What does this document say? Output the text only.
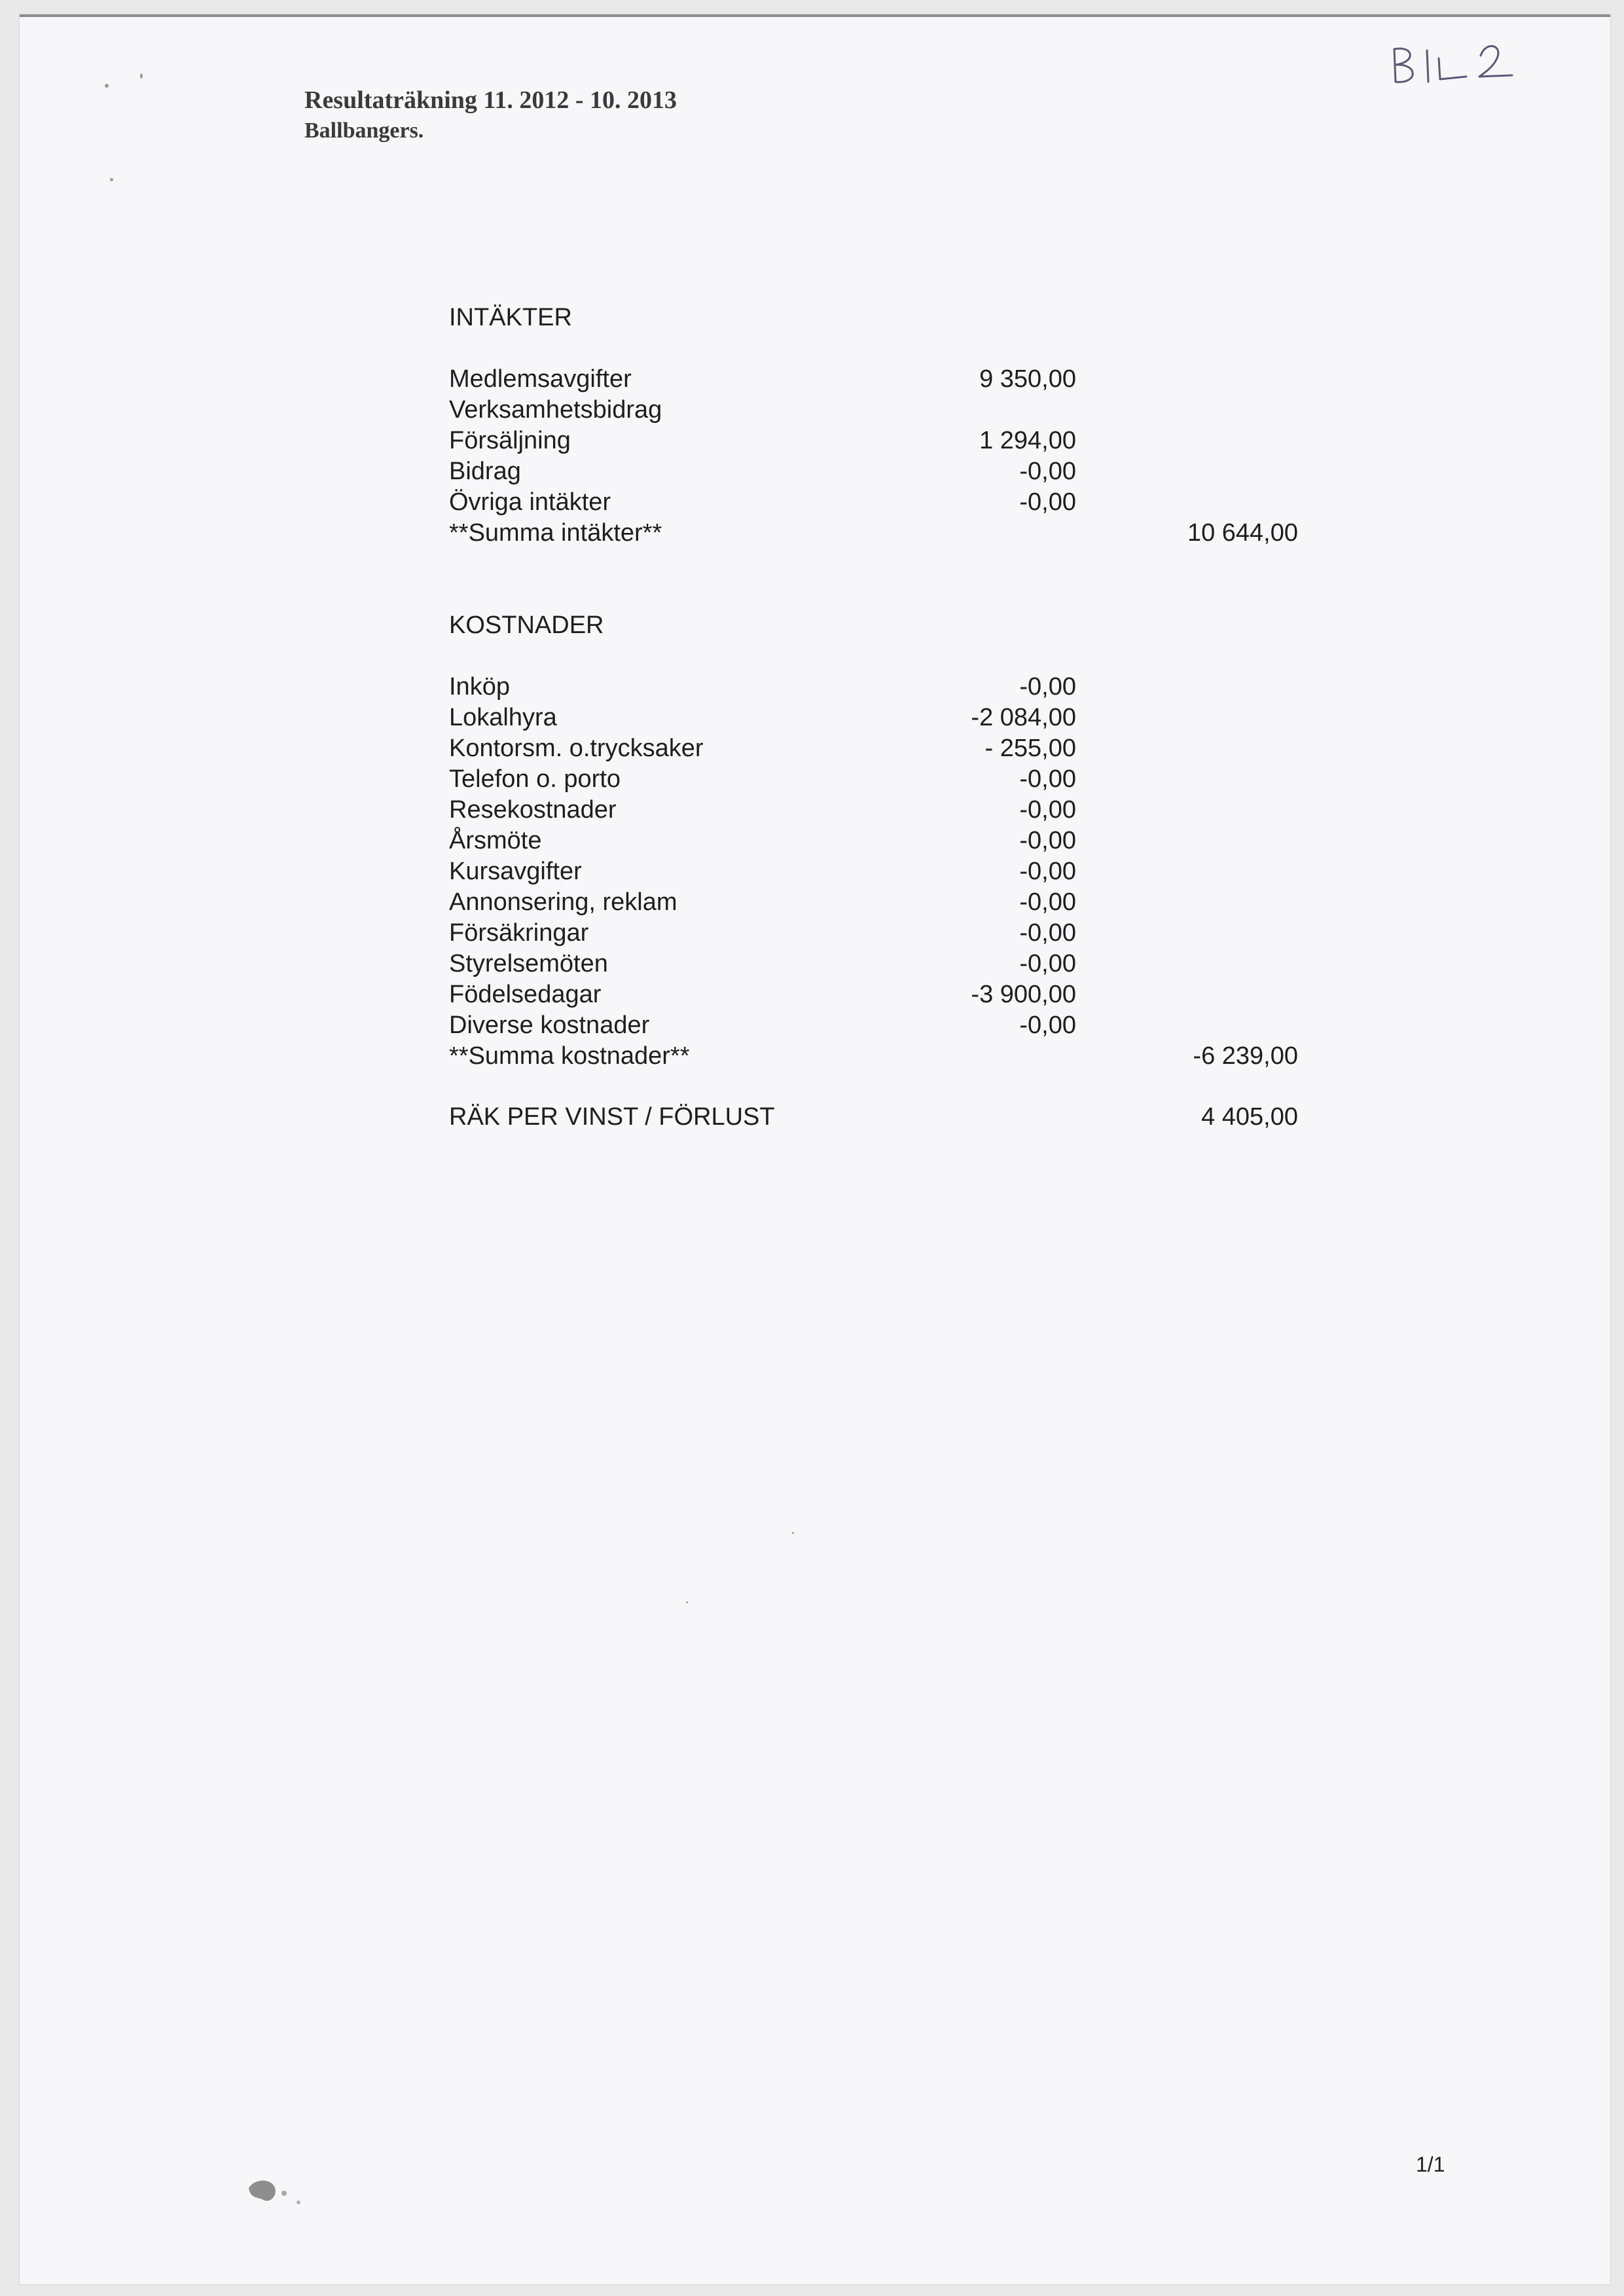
Resultaträkning 11. 2012 - 10. 2013
Ballbangers.
INTÄKTER
Medlemsavgifter	9 350,00
Verksamhetsbidrag
Försäljning	1 294,00
Bidrag	-0,00
Övriga intäkter	-0,00
**Summa intäkter**	10 644,00
KOSTNADER
Inköp	-0,00
Lokalhyra	-2 084,00
Kontorsm. o.trycksaker	- 255,00
Telefon o. porto	-0,00
Resekostnader	-0,00
Årsmöte	-0,00
Kursavgifter	-0,00
Annonsering, reklam	-0,00
Försäkringar	-0,00
Styrelsemöten	-0,00
Födelsedagar	-3 900,00
Diverse kostnader	-0,00
**Summa kostnader**	-6 239,00
RÄK PER VINST / FÖRLUST	4 405,00
1/1
